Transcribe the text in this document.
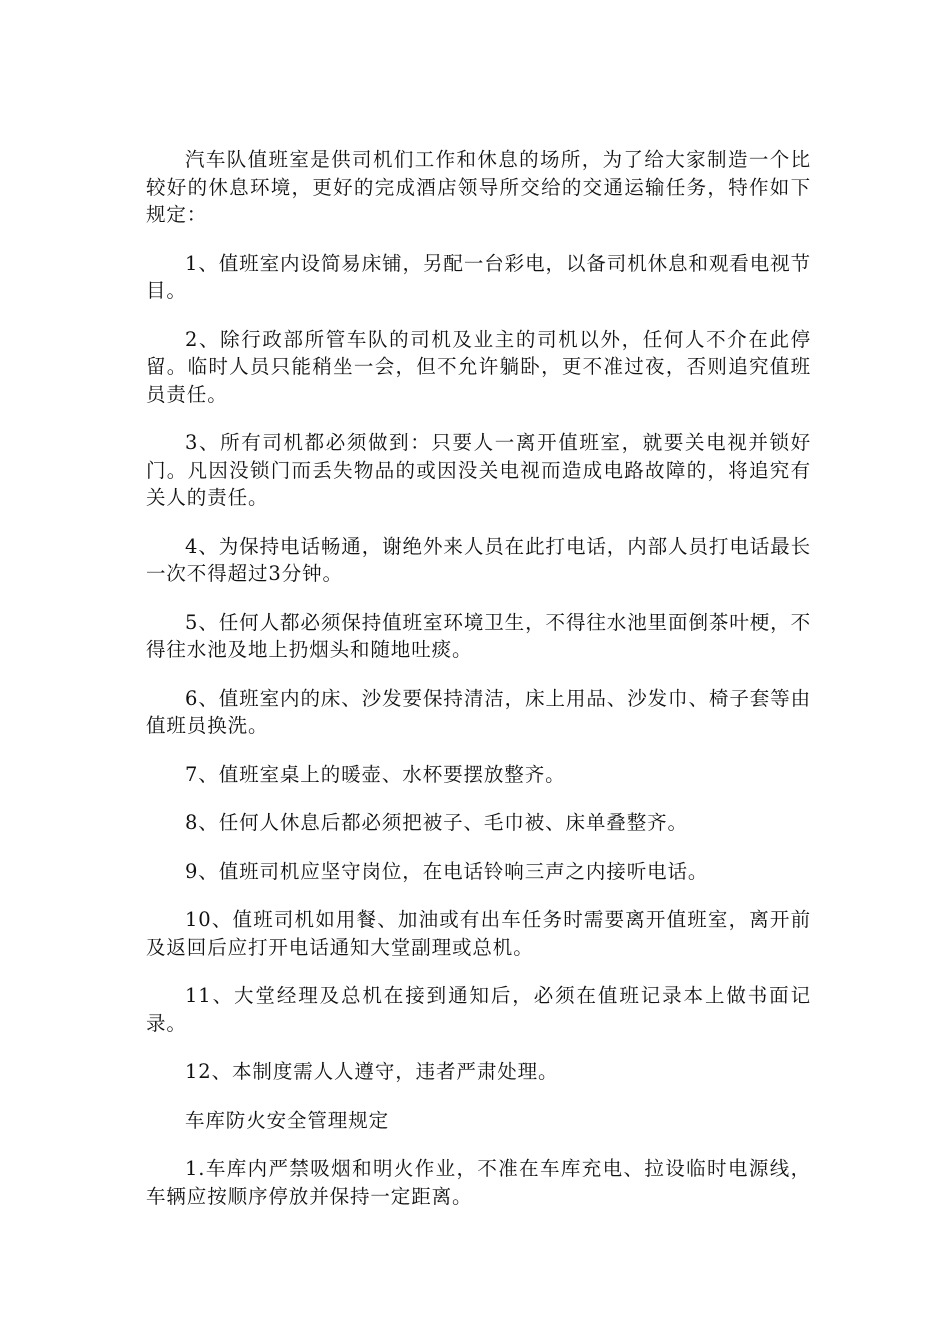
汽车队值班室是供司机们工作和休息的场所，为了给大家制造一个比较好的休息环境，更好的完成酒店领导所交给的交通运输任务，特作如下规定：

1、值班室内设简易床铺，另配一台彩电，以备司机休息和观看电视节目。

2、除行政部所管车队的司机及业主的司机以外，任何人不介在此停留。临时人员只能稍坐一会，但不允许躺卧，更不准过夜，否则追究值班员责任。

3、所有司机都必须做到：只要人一离开值班室，就要关电视并锁好门。凡因没锁门而丢失物品的或因没关电视而造成电路故障的，将追究有关人的责任。

4、为保持电话畅通，谢绝外来人员在此打电话，内部人员打电话最长一次不得超过3分钟。

5、任何人都必须保持值班室环境卫生，不得往水池里面倒茶叶梗，不得往水池及地上扔烟头和随地吐痰。

6、值班室内的床、沙发要保持清洁，床上用品、沙发巾、椅子套等由值班员换洗。

7、值班室桌上的暖壶、水杯要摆放整齐。

8、任何人休息后都必须把被子、毛巾被、床单叠整齐。

9、值班司机应坚守岗位，在电话铃响三声之内接听电话。

10、值班司机如用餐、加油或有出车任务时需要离开值班室，离开前及返回后应打开电话通知大堂副理或总机。

11、大堂经理及总机在接到通知后，必须在值班记录本上做书面记录。

12、本制度需人人遵守，违者严肃处理。

车库防火安全管理规定

1.车库内严禁吸烟和明火作业，不准在车库充电、拉设临时电源线，车辆应按顺序停放并保持一定距离。
